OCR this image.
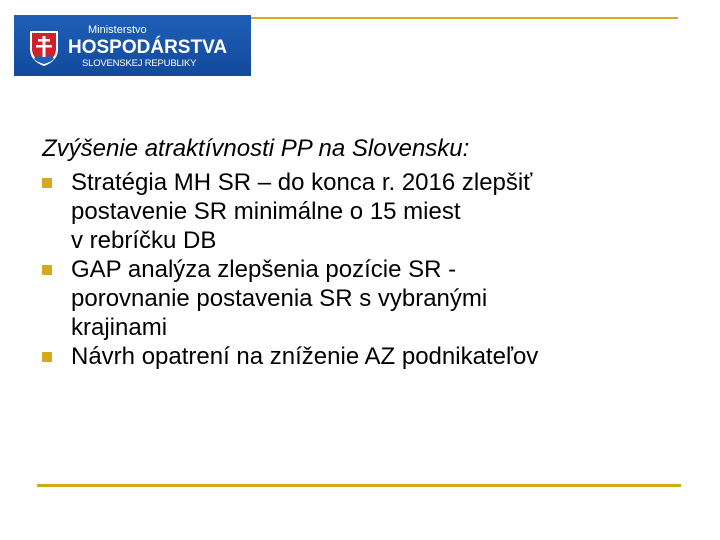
Ministerstvo
HOSPODÁRSTVA
SLOVENSKEJ REPUBLIKY
Zvýšenie atraktívnosti PP na Slovensku:
Stratégia MH SR – do konca r. 2016 zlepšiť
postavenie SR minimálne o 15 miest
v rebríčku DB
GAP analýza zlepšenia pozície SR -
porovnanie postavenia SR s vybranými
krajinami
Návrh opatrení na zníženie AZ podnikateľov
